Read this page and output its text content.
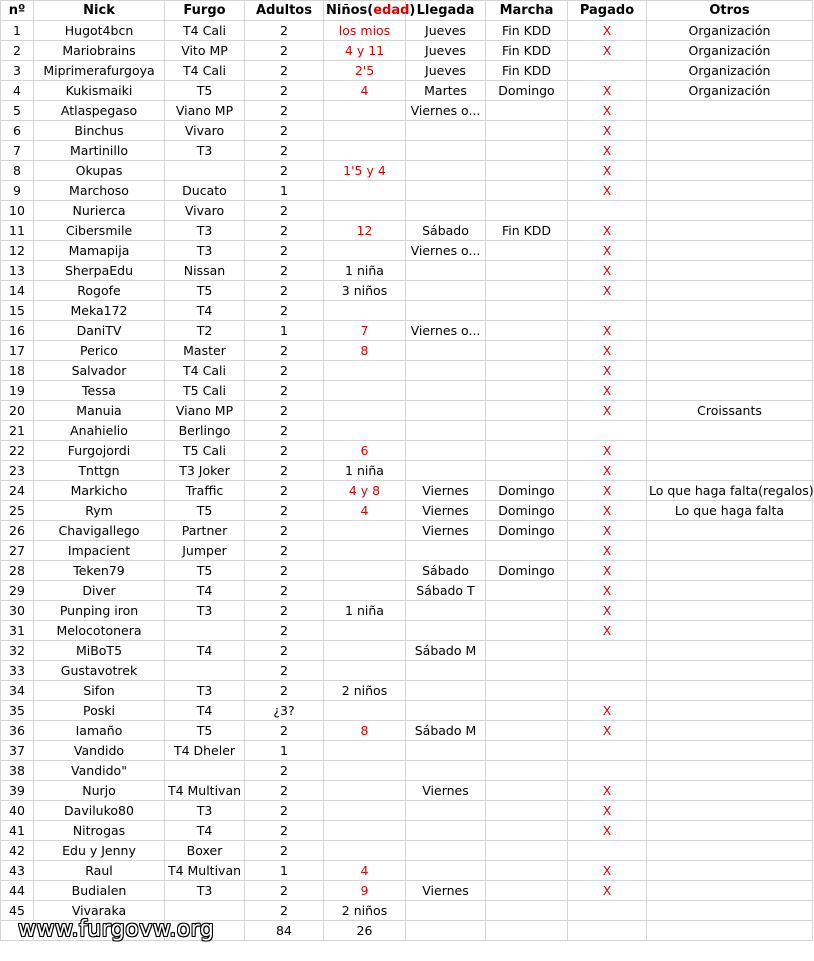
nº	Nick	Furgo	Adultos	Niños(edad)	Llegada	Marcha	Pagado	Otros
1	Hugot4bcn	T4 Cali	2	los mios	Jueves	Fin KDD	X	Organización
2	Mariobrains	Vito MP	2	4 y 11	Jueves	Fin KDD	X	Organización
3	Miprimerafurgoya	T4 Cali	2	2'5	Jueves	Fin KDD		Organización
4	Kukismaiki	T5	2	4	Martes	Domingo	X	Organización
5	Atlaspegaso	Viano MP	2		Viernes o...		X	
6	Binchus	Vivaro	2				X	
7	Martinillo	T3	2				X	
8	Okupas		2	1'5 y 4			X	
9	Marchoso	Ducato	1				X	
10	Nurierca	Vivaro	2					
11	Cibersmile	T3	2	12	Sábado	Fin KDD	X	
12	Mamapija	T3	2		Viernes o...		X	
13	SherpaEdu	Nissan	2	1 niña			X	
14	Rogofe	T5	2	3 niños			X	
15	Meka172	T4	2					
16	DaniTV	T2	1	7	Viernes o...		X	
17	Perico	Master	2	8			X	
18	Salvador	T4 Cali	2				X	
19	Tessa	T5 Cali	2				X	
20	Manuia	Viano MP	2				X	Croissants
21	Anahielio	Berlingo	2					
22	Furgojordi	T5 Cali	2	6			X	
23	Tnttgn	T3 Joker	2	1 niña			X	
24	Markicho	Traffic	2	4 y 8	Viernes	Domingo	X	Lo que haga falta(regalos)
25	Rym	T5	2	4	Viernes	Domingo	X	Lo que haga falta
26	Chavigallego	Partner	2		Viernes	Domingo	X	
27	Impacient	Jumper	2				X	
28	Teken79	T5	2		Sábado	Domingo	X	
29	Diver	T4	2		Sábado T		X	
30	Punping iron	T3	2	1 niña			X	
31	Melocotonera		2				X	
32	MiBoT5	T4	2		Sábado M			
33	Gustavotrek		2					
34	Sifon	T3	2	2 niños				
35	Poski	T4	¿3?				X	
36	Iamaño	T5	2	8	Sábado M		X	
37	Vandido	T4 Dheler	1					
38	Vandido"		2					
39	Nurjo	T4 Multivan	2		Viernes		X	
40	Daviluko80	T3	2				X	
41	Nitrogas	T4	2				X	
42	Edu y Jenny	Boxer	2					
43	Raul	T4 Multivan	1	4			X	
44	Budialen	T3	2	9	Viernes		X	
45	Vivaraka		2	2 niños				
			84	26				
www.furgovw.org
